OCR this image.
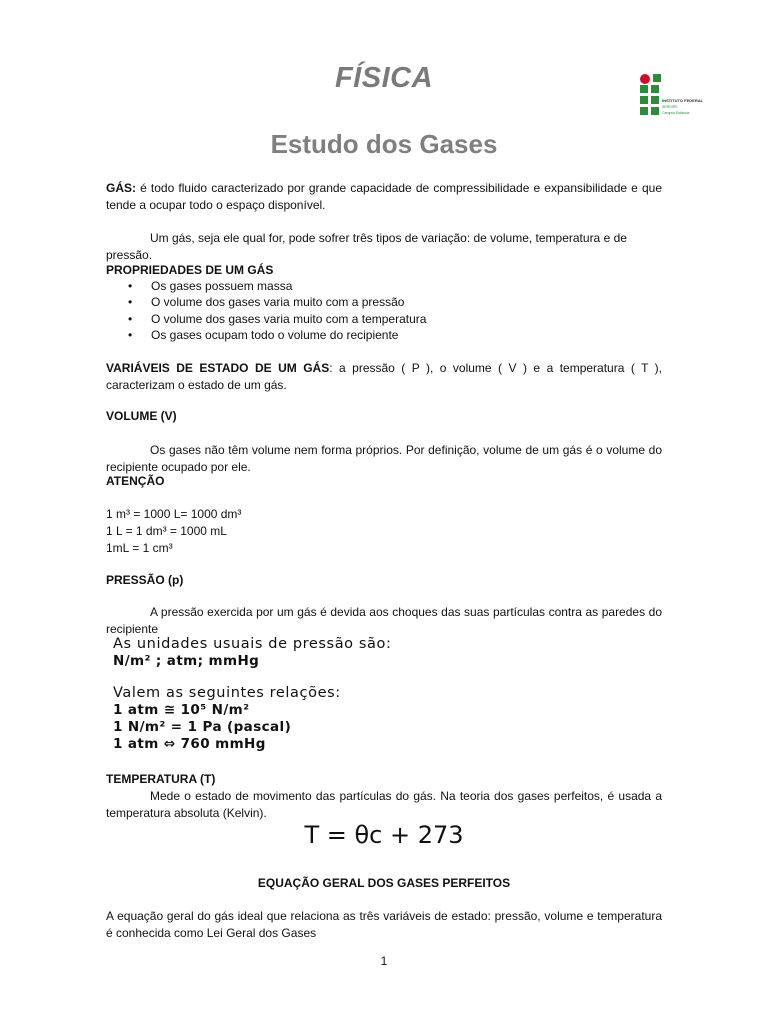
FÍSICA
INSTITUTO FEDERAL
SERGIPE
Campus Estância
Estudo dos Gases
GÁS: é todo fluido caracterizado por grande capacidade de compressibilidade e expansibilidade e que tende a ocupar todo o espaço disponível.
Um gás, seja ele qual for, pode sofrer três tipos de variação: de volume, temperatura e de pressão.
PROPRIEDADES DE UM GÁS
• Os gases possuem massa
• O volume dos gases varia muito com a pressão
• O volume dos gases varia muito com a temperatura
• Os gases ocupam todo o volume do recipiente
VARIÁVEIS DE ESTADO DE UM GÁS: a pressão ( P ), o volume ( V ) e a temperatura ( T ), caracterizam o estado de um gás.
VOLUME (V)
Os gases não têm volume nem forma próprios. Por definição, volume de um gás é o volume do recipiente ocupado por ele.
ATENÇÃO
1 m³ = 1000 L= 1000 dm³
1 L = 1 dm³ = 1000 mL
1mL = 1 cm³
PRESSÃO (p)
A pressão exercida por um gás é devida aos choques das suas partículas contra as paredes do recipiente
As unidades usuais de pressão são:
N/m² ; atm; mmHg
Valem as seguintes relações:
1 atm ≅ 10⁵ N/m²
1 N/m² = 1 Pa (pascal)
1 atm ⇔ 760 mmHg
TEMPERATURA (T)
Mede o estado de movimento das partículas do gás. Na teoria dos gases perfeitos, é usada a temperatura absoluta (Kelvin).
T = θc + 273
EQUAÇÃO GERAL DOS GASES PERFEITOS
A equação geral do gás ideal que relaciona as três variáveis de estado: pressão, volume e temperatura é conhecida como Lei Geral dos Gases
1
